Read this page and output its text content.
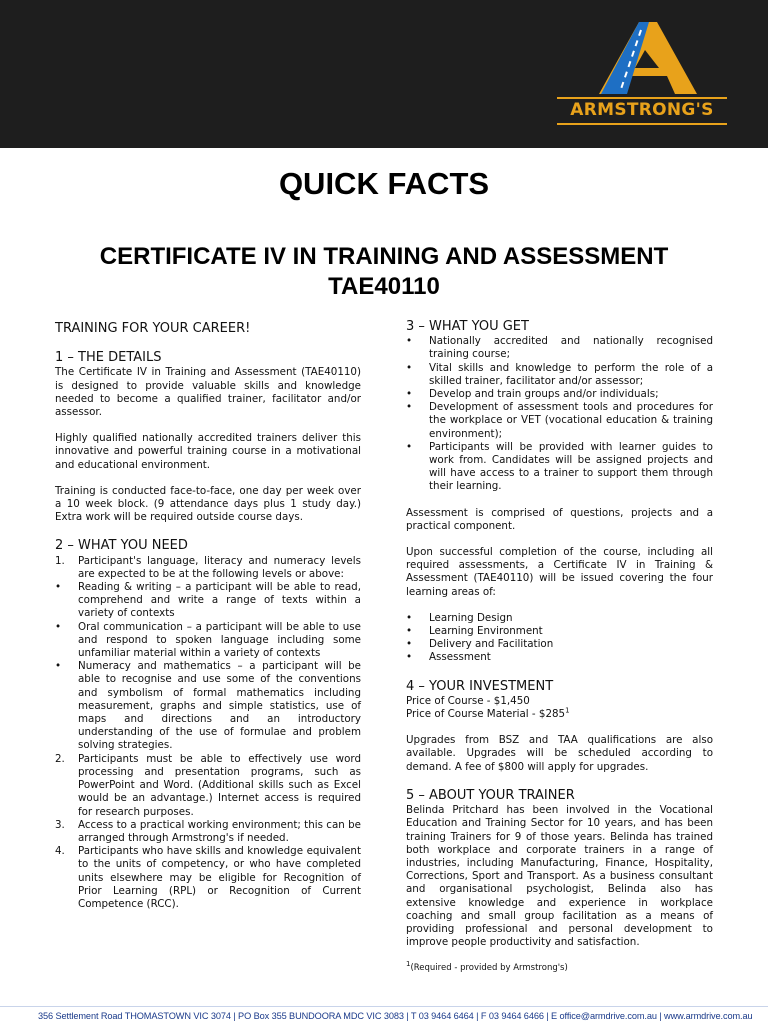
ARMSTRONG'S
QUICK FACTS
CERTIFICATE IV IN TRAINING AND ASSESSMENT
TAE40110
TRAINING FOR YOUR CAREER!
1 – THE DETAILS

The Certificate IV in Training and Assessment (TAE40110) is designed to provide valuable skills and knowledge needed to become a qualified trainer, facilitator and/or assessor.

Highly qualified nationally accredited trainers deliver this innovative and powerful training course in a motivational and educational environment.

Training is conducted face-to-face, one day per week over a 10 week block. (9 attendance days plus 1 study day.) Extra work will be required outside course days.

2 – WHAT YOU NEED
1. Participant's language, literacy and numeracy levels are expected to be at the following levels or above:
• Reading & writing – a participant will be able to read, comprehend and write a range of texts within a variety of contexts
• Oral communication – a participant will be able to use and respond to spoken language including some unfamiliar material within a variety of contexts
• Numeracy and mathematics – a participant will be able to recognise and use some of the conventions and symbolism of formal mathematics including measurement, graphs and simple statistics, use of maps and directions and an introductory understanding of the use of formulae and problem solving strategies.
2. Participants must be able to effectively use word processing and presentation programs, such as PowerPoint and Word. (Additional skills such as Excel would be an advantage.) Internet access is required for research purposes.
3. Access to a practical working environment; this can be arranged through Armstrong's if needed.
4. Participants who have skills and knowledge equivalent to the units of competency, or who have completed units elsewhere may be eligible for Recognition of Prior Learning (RPL) or Recognition of Current Competence (RCC).
3 – WHAT YOU GET
• Nationally accredited and nationally recognised training course;
• Vital skills and knowledge to perform the role of a skilled trainer, facilitator and/or assessor;
• Develop and train groups and/or individuals;
• Development of assessment tools and procedures for the workplace or VET (vocational education & training environment);
• Participants will be provided with learner guides to work from. Candidates will be assigned projects and will have access to a trainer to support them through their learning.

Assessment is comprised of questions, projects and a practical component.

Upon successful completion of the course, including all required assessments, a Certificate IV in Training & Assessment (TAE40110) will be issued covering the four learning areas of:

• Learning Design
• Learning Environment
• Delivery and Facilitation
• Assessment
4 – YOUR INVESTMENT
Price of Course - $1,450
Price of Course Material - $\$285^1$

Upgrades from BSZ and TAA qualifications are also available. Upgrades will be scheduled according to demand. A fee of $800 will apply for upgrades.

5 – ABOUT YOUR TRAINER

Belinda Pritchard has been involved in the Vocational Education and Training Sector for 10 years, and has been training Trainers for 9 of those years. Belinda has trained both workplace and corporate trainers in a range of industries, including Manufacturing, Finance, Hospitality, Corrections, Sport and Transport. As a business consultant and organisational psychologist, Belinda also has extensive knowledge and experience in workplace coaching and small group facilitation as a means of providing professional and personal development to improve people productivity and satisfaction.

$^1$(Required - provided by Armstrong's)
356 Settlement Road THOMASTOWN VIC 3074 | PO Box 355 BUNDOORA MDC VIC 3083 | T 03 9464 6464 | F 03 9464 6466 | E office@armdrive.com.au | www.armdrive.com.au
